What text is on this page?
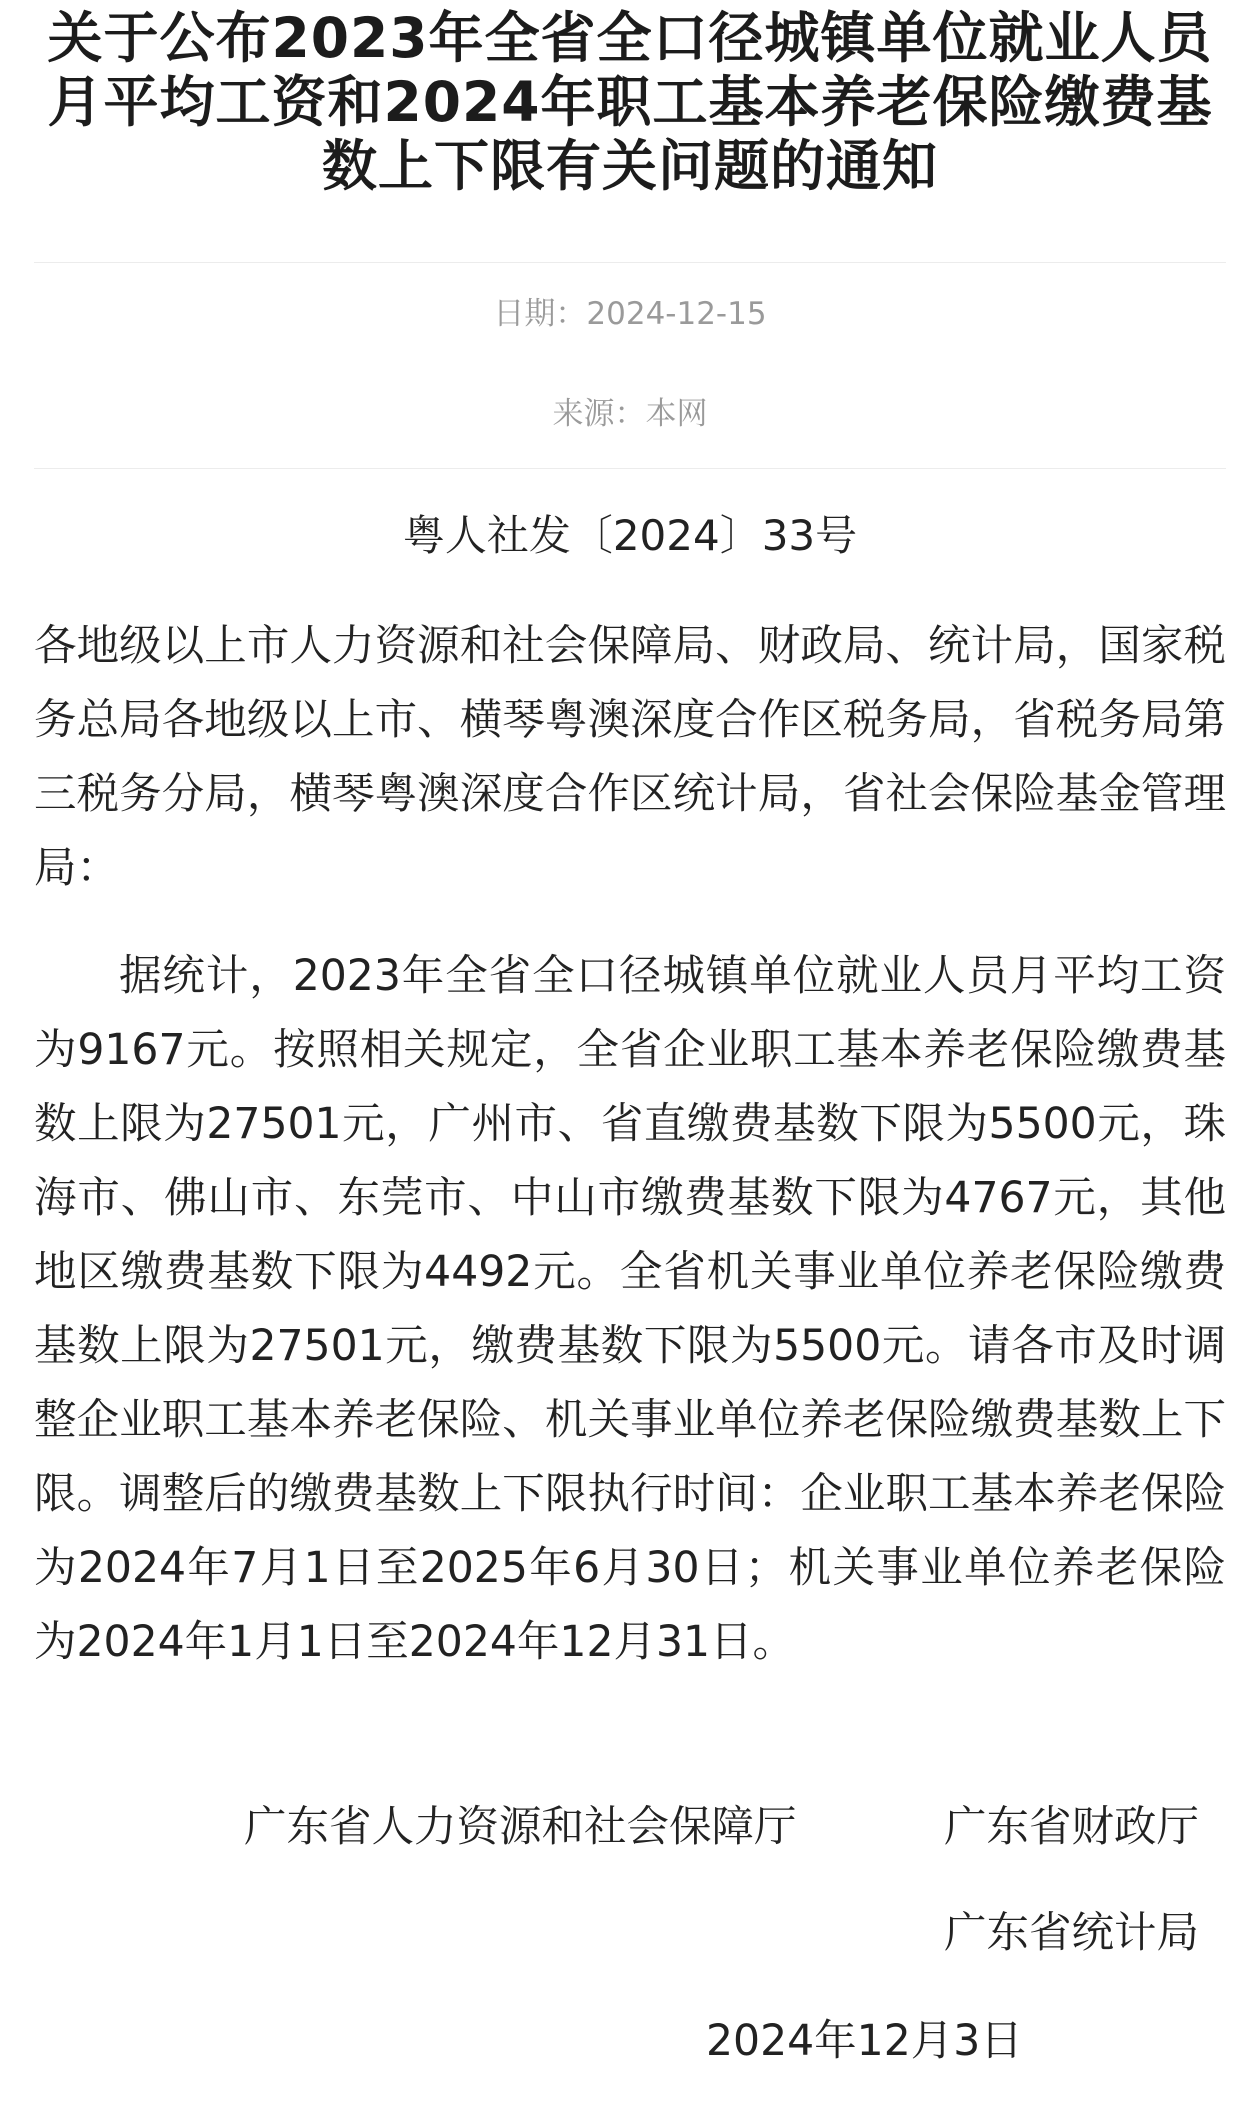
关于公布2023年全省全口径城镇单位就业人员月平均工资和2024年职工基本养老保险缴费基数上下限有关问题的通知
日期：2024-12-15
来源：本网
粤人社发〔2024〕33号

各地级以上市人力资源和社会保障局、财政局、统计局，国家税务总局各地级以上市、横琴粤澳深度合作区税务局，省税务局第三税务分局，横琴粤澳深度合作区统计局，省社会保险基金管理局：

据统计，2023年全省全口径城镇单位就业人员月平均工资为9167元。按照相关规定，全省企业职工基本养老保险缴费基数上限为27501元，广州市、省直缴费基数下限为5500元，珠海市、佛山市、东莞市、中山市缴费基数下限为4767元，其他地区缴费基数下限为4492元。全省机关事业单位养老保险缴费基数上限为27501元，缴费基数下限为5500元。请各市及时调整企业职工基本养老保险、机关事业单位养老保险缴费基数上下限。调整后的缴费基数上下限执行时间：企业职工基本养老保险为2024年7月1日至2025年6月30日；机关事业单位养老保险为2024年1月1日至2024年12月31日。

广东省人力资源和社会保障厅	广东省财政厅
广东省统计局
2024年12月3日
